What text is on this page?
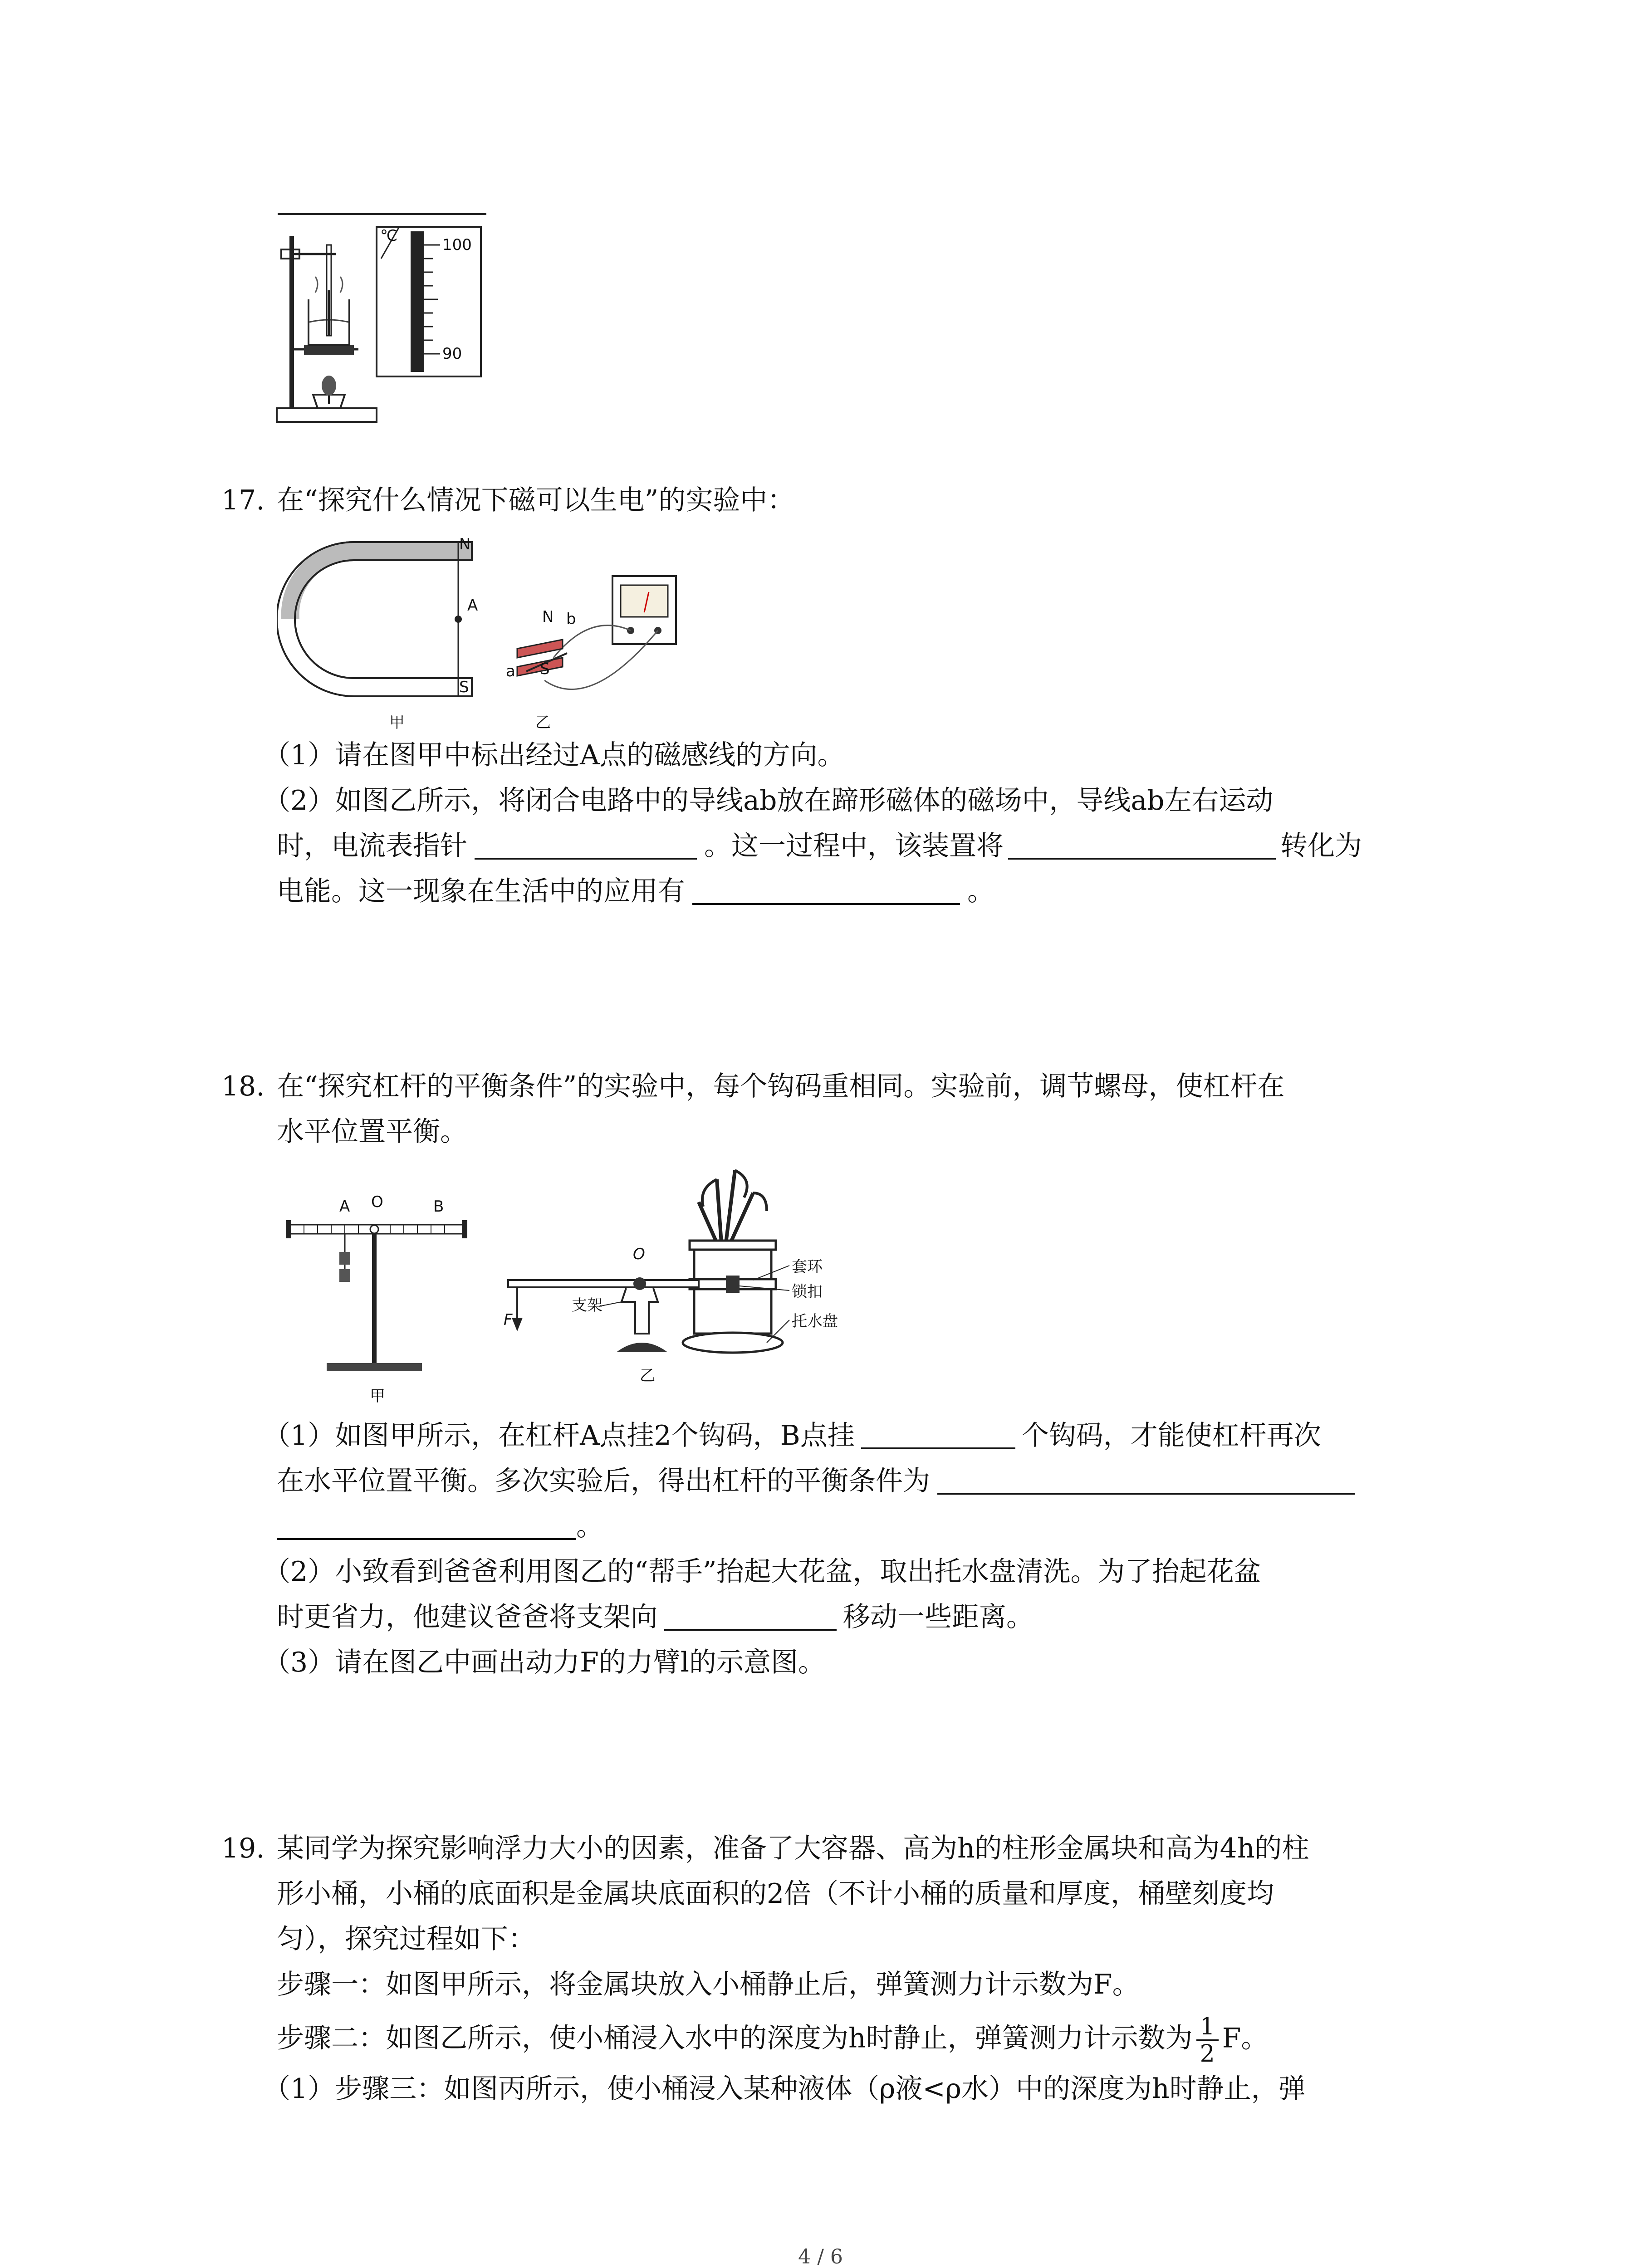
℃	100
90
17. 在“探究什么情况下磁可以生电”的实验中：
N
S
A
甲
N b
a S
乙
（1）请在图甲中标出经过A点的磁感线的方向。
（2）如图乙所示，将闭合电路中的导线ab放在蹄形磁体的磁场中，导线ab左右运动
时，电流表指针	。这一过程中，该装置将	转化为
电能。这一现象在生活中的应用有	。
18. 在“探究杠杆的平衡条件”的实验中，每个钩码重相同。实验前，调节螺母，使杠杆在
水平位置平衡。
A O	B
甲
O
F
支架
套环
锁扣
托水盘
乙
（1）如图甲所示，在杠杆A点挂2个钩码，B点挂	个钩码，才能使杠杆再次
在水平位置平衡。多次实验后，得出杠杆的平衡条件为
。
（2）小致看到爸爸利用图乙的“帮手”抬起大花盆，取出托水盘清洗。为了抬起花盆
时更省力，他建议爸爸将支架向	移动一些距离。
（3）请在图乙中画出动力F的力臂l的示意图。
19. 某同学为探究影响浮力大小的因素，准备了大容器、高为h的柱形金属块和高为4h的柱
形小桶，小桶的底面积是金属块底面积的2倍（不计小桶的质量和厚度，桶壁刻度均
匀），探究过程如下：
步骤一：如图甲所示，将金属块放入小桶静止后，弹簧测力计示数为F。
步骤二：如图乙所示，使小桶浸入水中的深度为h时静止，弹簧测力计示数为 $\frac{1}{2}$ F。
（1）步骤三：如图丙所示，使小桶浸入某种液体（ρ液<ρ水）中的深度为h时静止，弹
4 / 6
